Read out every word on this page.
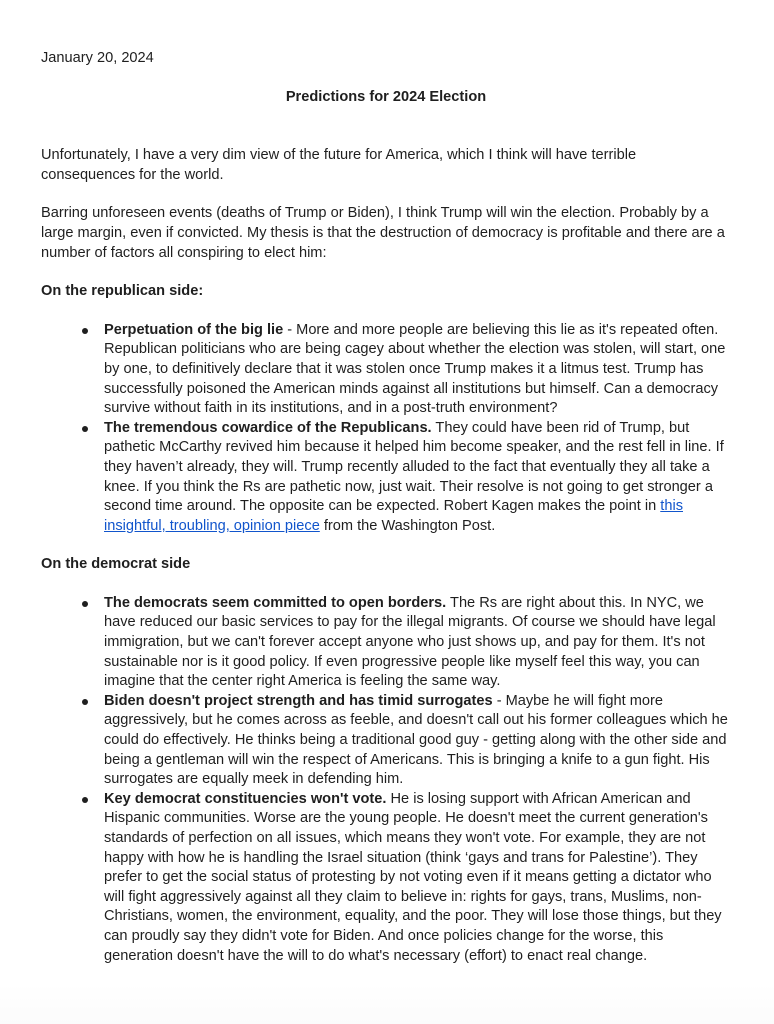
January 20, 2024

Predictions for 2024 Election

Unfortunately, I have a very dim view of the future for America, which I think will have terrible consequences for the world.

Barring unforeseen events (deaths of Trump or Biden), I think Trump will win the election. Probably by a large margin, even if convicted. My thesis is that the destruction of democracy is profitable and there are a number of factors all conspiring to elect him:

On the republican side:

Perpetuation of the big lie - More and more people are believing this lie as it's repeated often. Republican politicians who are being cagey about whether the election was stolen, will start, one by one, to definitively declare that it was stolen once Trump makes it a litmus test. Trump has successfully poisoned the American minds against all institutions but himself. Can a democracy survive without faith in its institutions, and in a post-truth environment?
The tremendous cowardice of the Republicans. They could have been rid of Trump, but pathetic McCarthy revived him because it helped him become speaker, and the rest fell in line. If they haven’t already, they will. Trump recently alluded to the fact that eventually they all take a knee. If you think the Rs are pathetic now, just wait. Their resolve is not going to get stronger a second time around. The opposite can be expected. Robert Kagen makes the point in this insightful, troubling, opinion piece from the Washington Post.

On the democrat side

The democrats seem committed to open borders. The Rs are right about this. In NYC, we have reduced our basic services to pay for the illegal migrants. Of course we should have legal immigration, but we can't forever accept anyone who just shows up, and pay for them. It's not sustainable nor is it good policy. If even progressive people like myself feel this way, you can imagine that the center right America is feeling the same way.
Biden doesn't project strength and has timid surrogates - Maybe he will fight more aggressively, but he comes across as feeble, and doesn't call out his former colleagues which he could do effectively. He thinks being a traditional good guy - getting along with the other side and being a gentleman will win the respect of Americans. This is bringing a knife to a gun fight. His surrogates are equally meek in defending him.
Key democrat constituencies won't vote. He is losing support with African American and Hispanic communities. Worse are the young people. He doesn't meet the current generation's standards of perfection on all issues, which means they won't vote. For example, they are not happy with how he is handling the Israel situation (think ‘gays and trans for Palestine’). They prefer to get the social status of protesting by not voting even if it means getting a dictator who will fight aggressively against all they claim to believe in: rights for gays, trans, Muslims, non-Christians, women, the environment, equality, and the poor. They will lose those things, but they can proudly say they didn't vote for Biden. And once policies change for the worse, this generation doesn't have the will to do what's necessary (effort) to enact real change.
